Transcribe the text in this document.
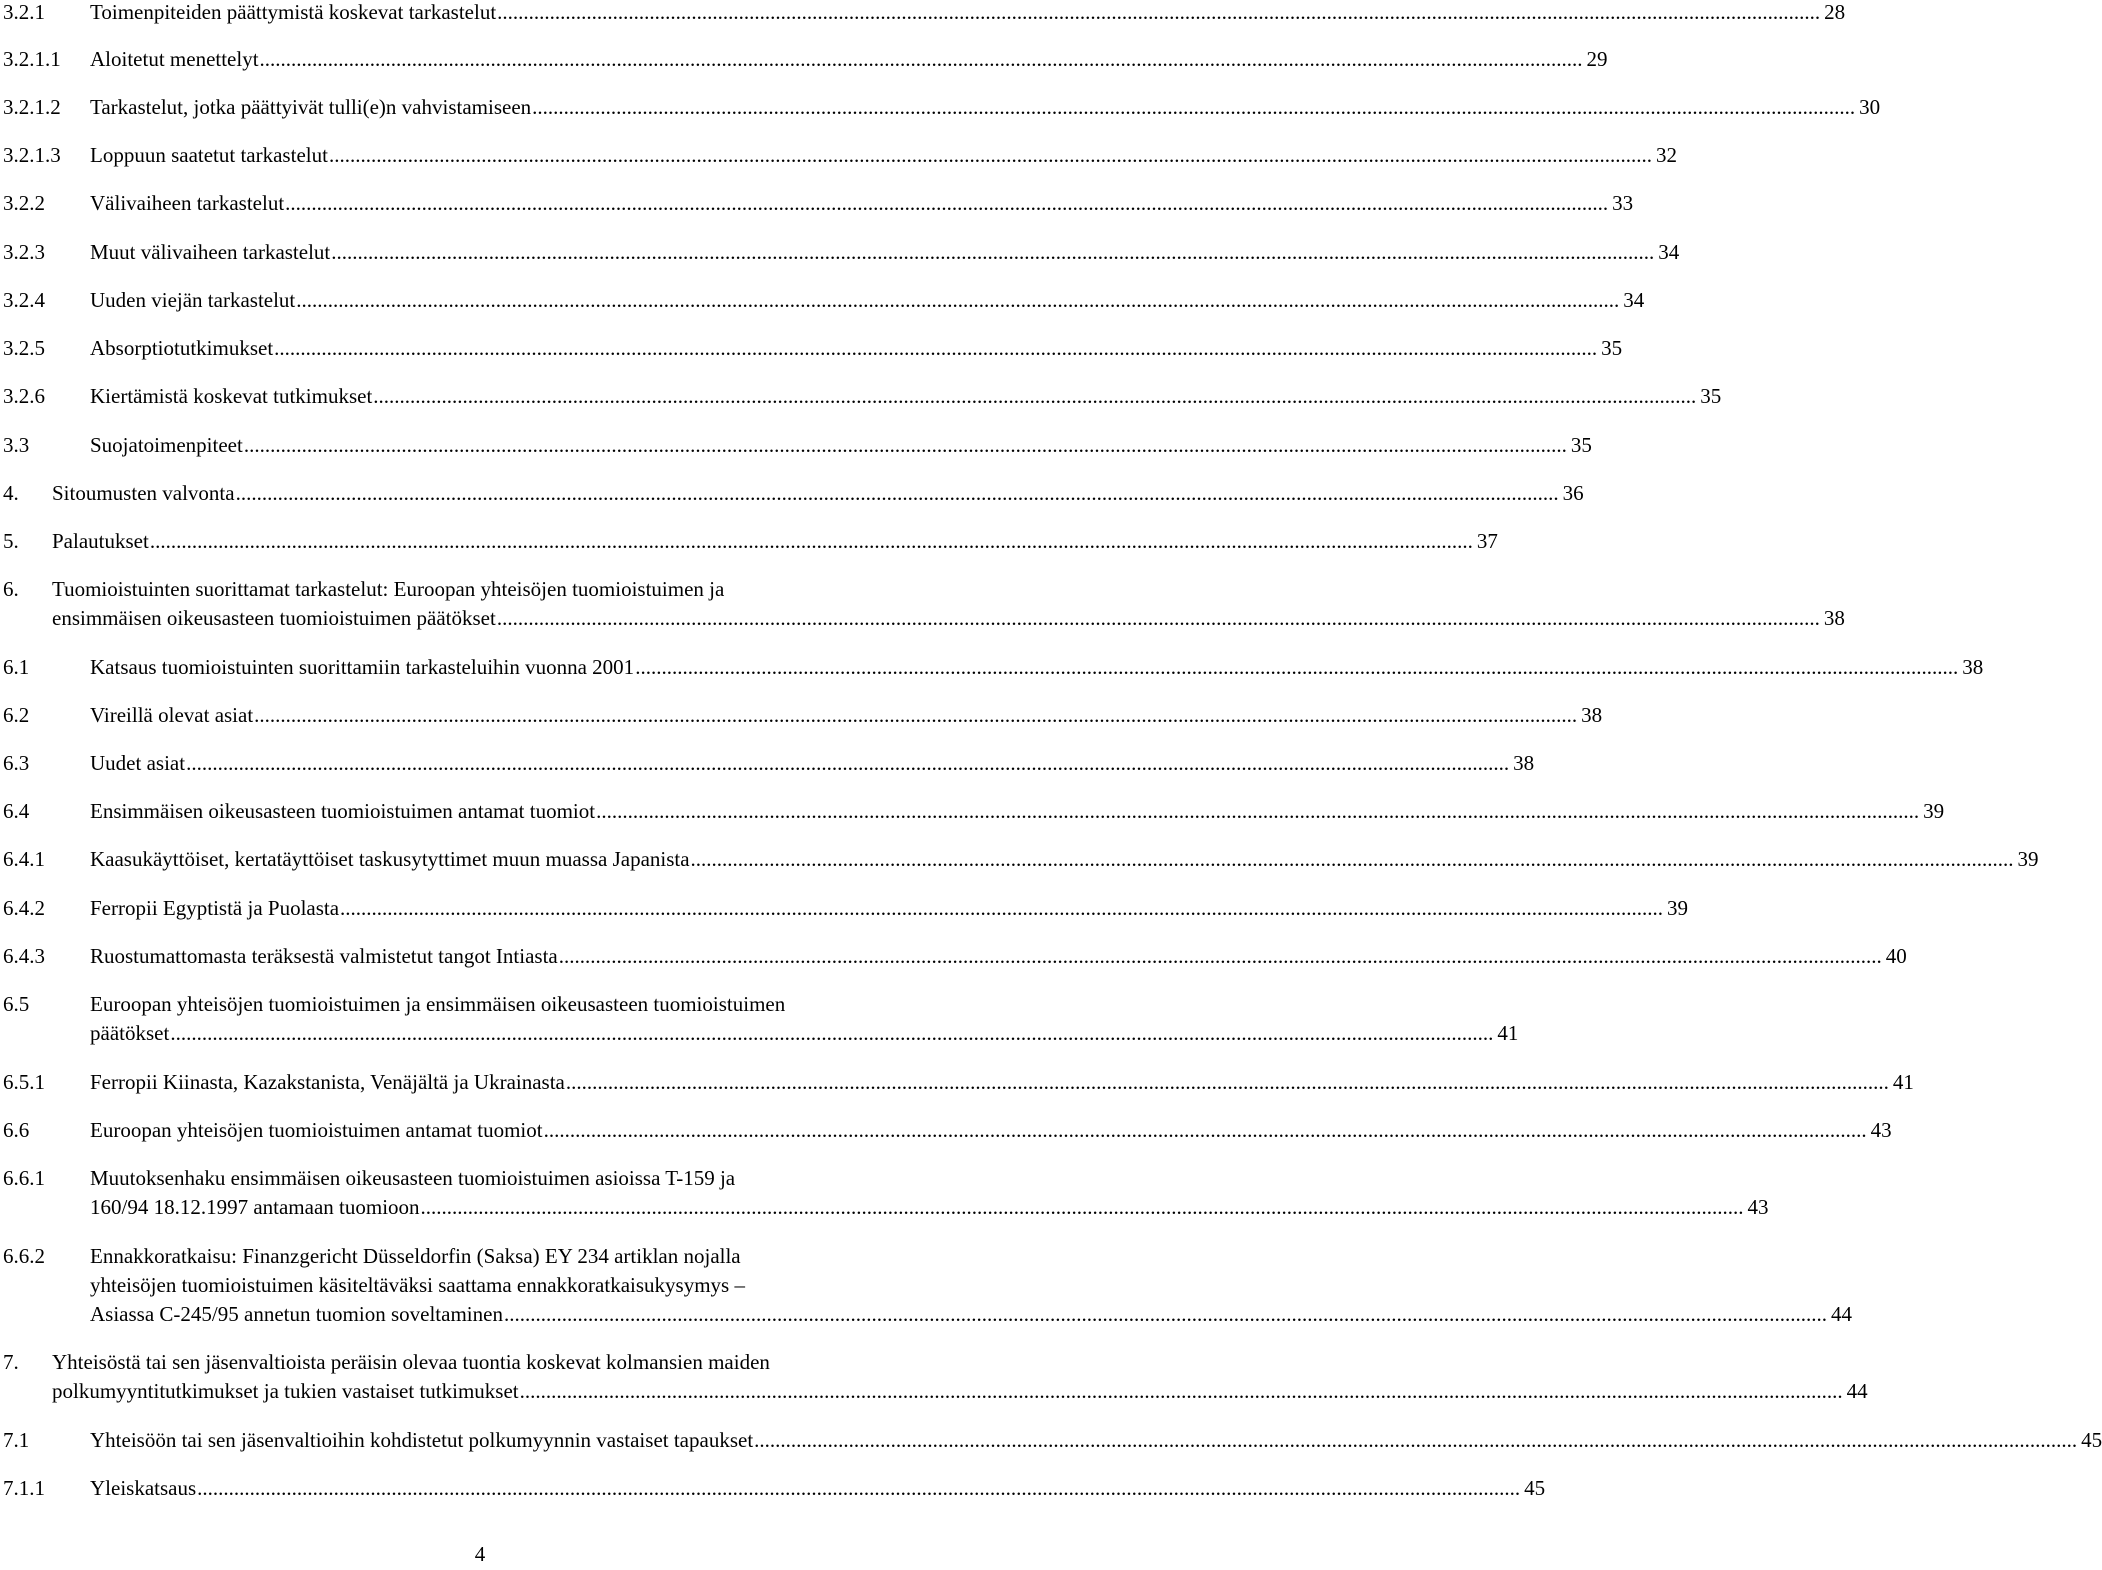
3.2.1 Toimenpiteiden päättymistä koskevat tarkastelut .....	28
3.2.1.1 Aloitetut menettelyt .....	29
3.2.1.2 Tarkastelut, jotka päättyivät tulli(e)n vahvistamiseen .....	30
3.2.1.3 Loppuun saatetut tarkastelut .....	32
3.2.2 Välivaiheen tarkastelut .....	33
3.2.3 Muut välivaiheen tarkastelut .....	34
3.2.4 Uuden viejän tarkastelut .....	34
3.2.5 Absorptiotutkimukset .....	35
3.2.6 Kiertämistä koskevat tutkimukset .....	35
3.3	Suojatoimenpiteet .....	35
4. Sitoumusten valvonta .....	36
5. Palautukset .....	37
6. Tuomioistuinten suorittamat tarkastelut: Euroopan yhteisöjen tuomioistuimen ja
ensimmäisen oikeusasteen tuomioistuimen päätökset .....	38
6.1	Katsaus tuomioistuinten suorittamiin tarkasteluihin vuonna 2001 .....	38
6.2	Vireillä olevat asiat .....	38
6.3	Uudet asiat .....	38
6.4	Ensimmäisen oikeusasteen tuomioistuimen antamat tuomiot .....	39
6.4.1 Kaasukäyttöiset, kertatäyttöiset taskusytyttimet muun muassa Japanista .....	39
6.4.2 Ferropii Egyptistä ja Puolasta .....	39
6.4.3 Ruostumattomasta teräksestä valmistetut tangot Intiasta .....	40
6.5	Euroopan yhteisöjen tuomioistuimen ja ensimmäisen oikeusasteen tuomioistuimen
päätökset .....	41
6.5.1 Ferropii Kiinasta, Kazakstanista, Venäjältä ja Ukrainasta .....	41
6.6	Euroopan yhteisöjen tuomioistuimen antamat tuomiot .....	43
6.6.1 Muutoksenhaku ensimmäisen oikeusasteen tuomioistuimen asioissa T-159 ja
160/94 18.12.1997 antamaan tuomioon .....	43
6.6.2 Ennakkoratkaisu: Finanzgericht Düsseldorfin (Saksa) EY 234 artiklan nojalla
yhteisöjen tuomioistuimen käsiteltäväksi saattama ennakkoratkaisukysymys –
Asiassa C-245/95 annetun tuomion soveltaminen .....	44
7. Yhteisöstä tai sen jäsenvaltioista peräisin olevaa tuontia koskevat kolmansien maiden
polkumyyntitutkimukset ja tukien vastaiset tutkimukset .....	44
7.1	Yhteisöön tai sen jäsenvaltioihin kohdistetut polkumyynnin vastaiset tapaukset .....	45
7.1.1 Yleiskatsaus .....	45
4
